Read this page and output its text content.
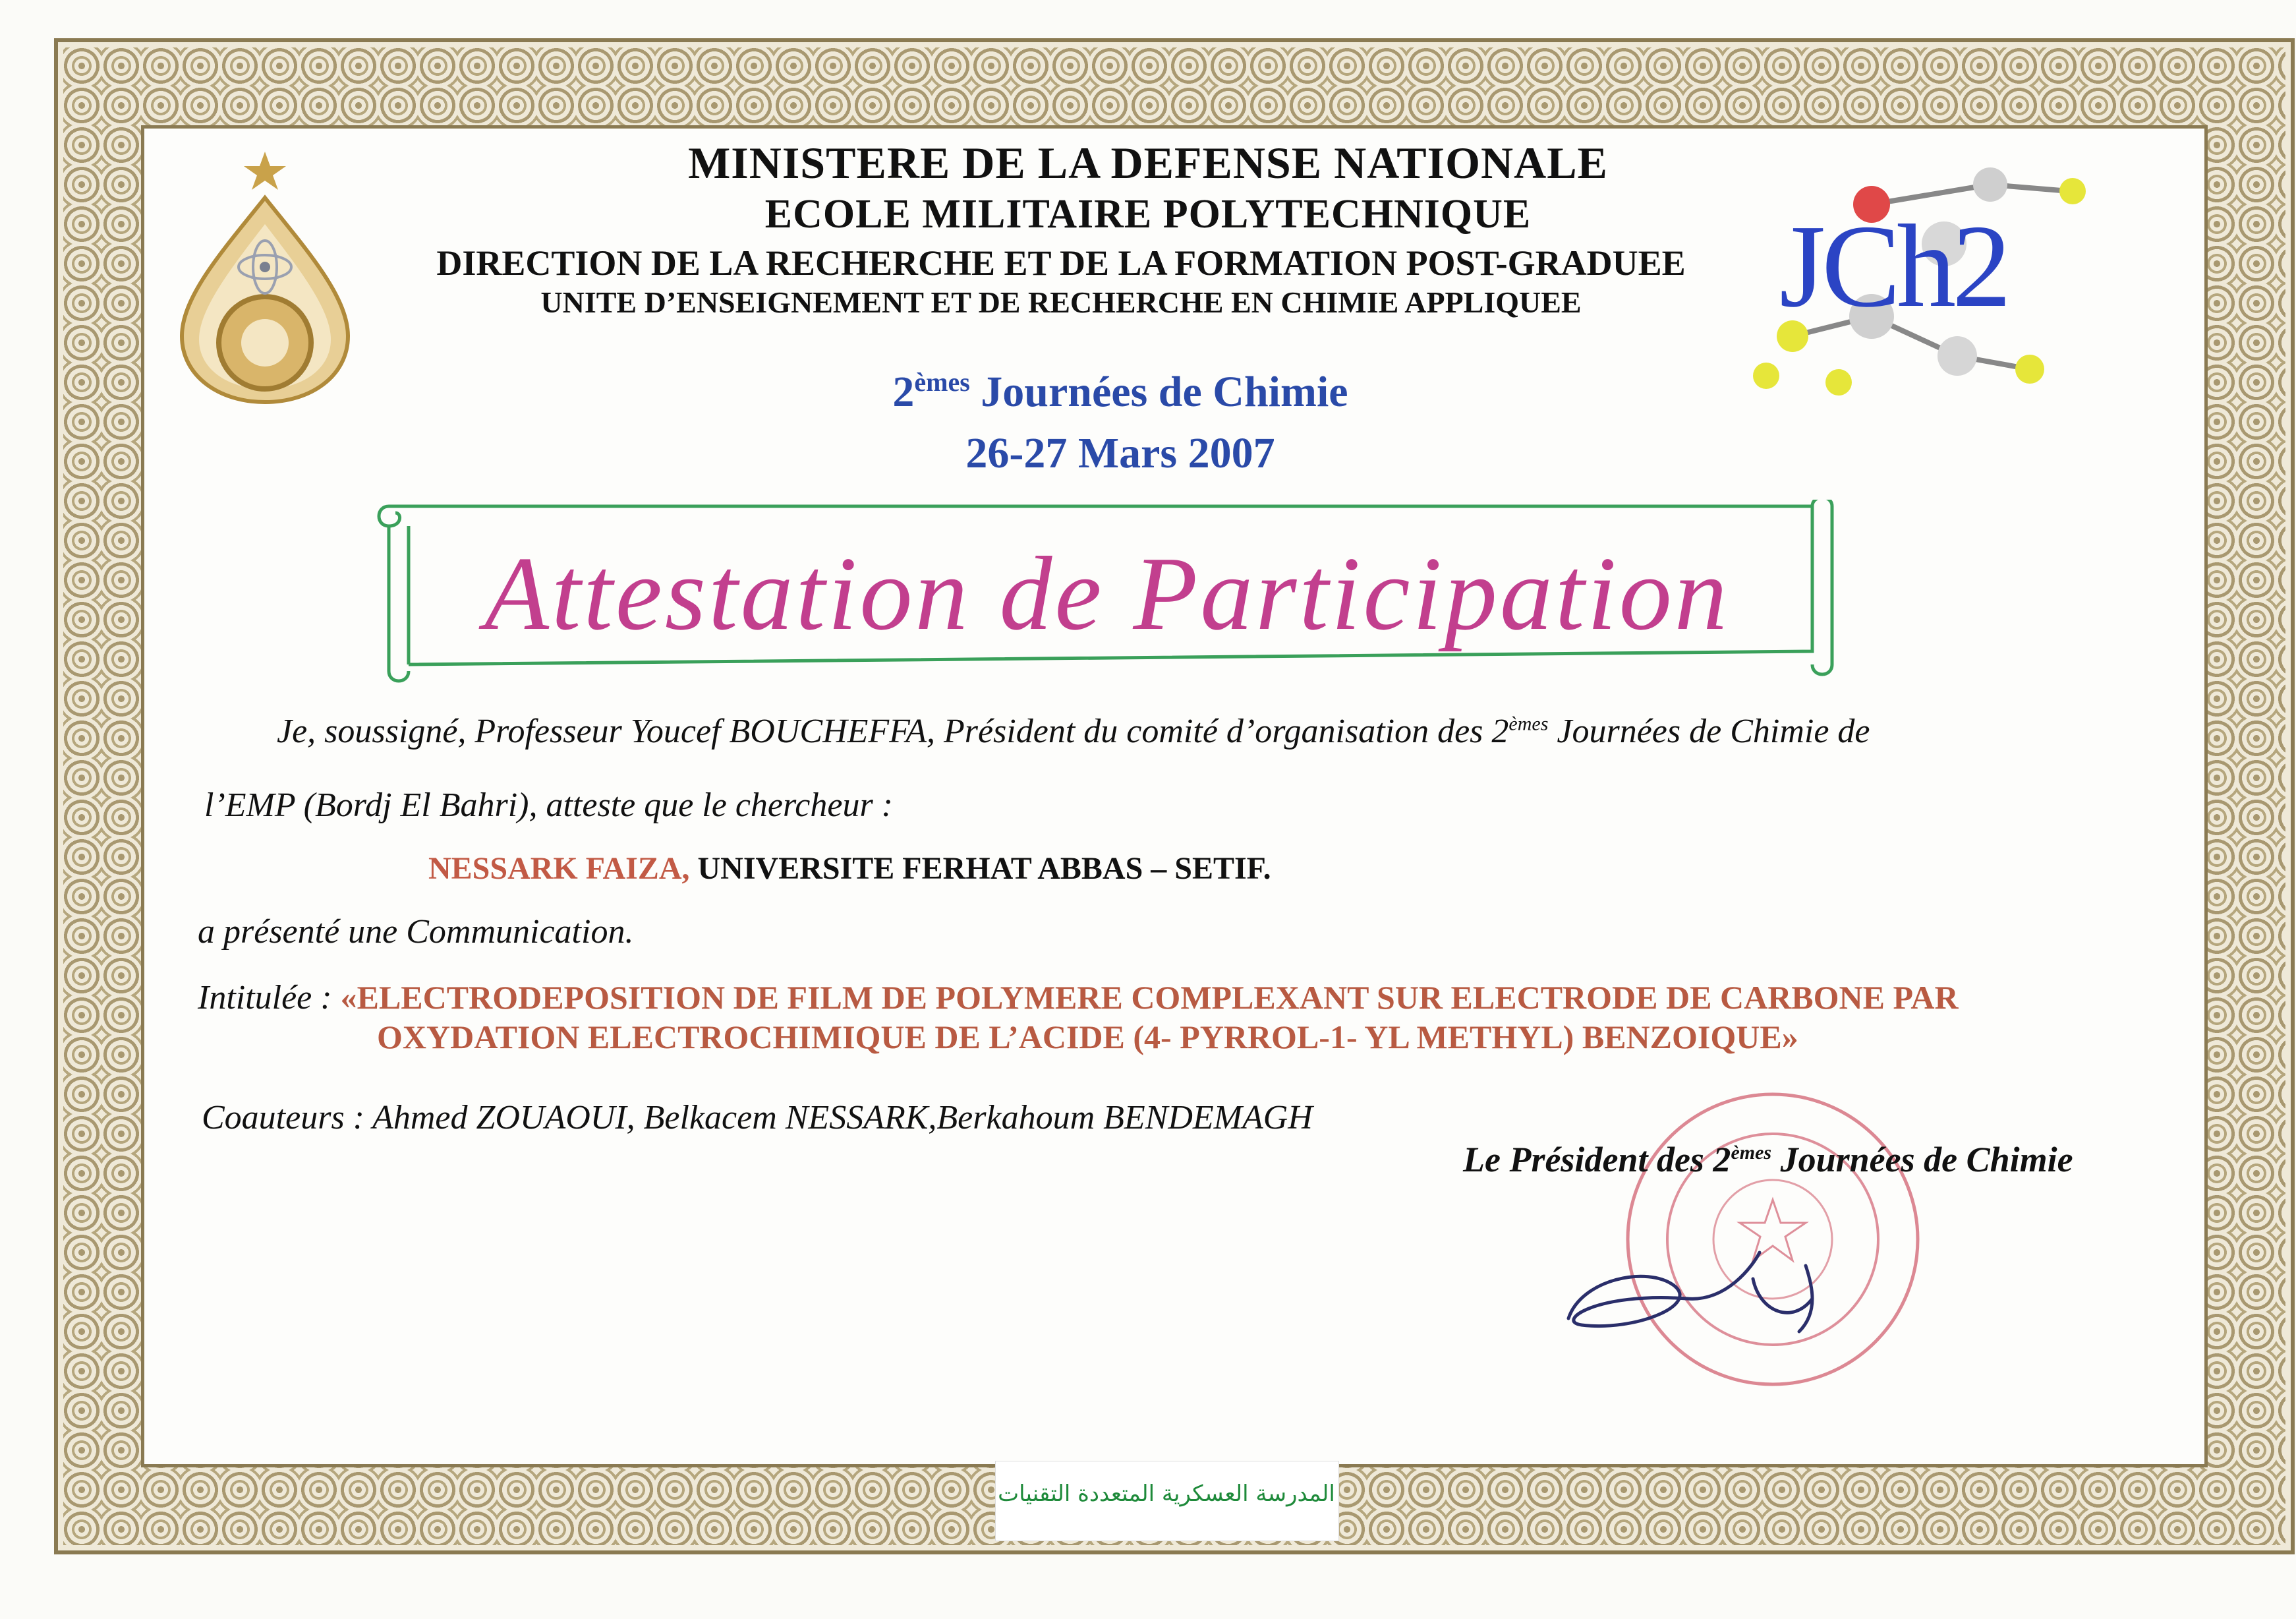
MINISTERE DE LA DEFENSE NATIONALE
ECOLE MILITAIRE POLYTECHNIQUE
DIRECTION DE LA RECHERCHE ET DE LA FORMATION POST-GRADUEE
UNITE D’ENSEIGNEMENT ET DE RECHERCHE EN CHIMIE APPLIQUEE	JCh2
2èmes Journées de Chimie
26-27 Mars 2007
Attestation de Participation
Je, soussigné, Professeur Youcef BOUCHEFFA, Président du comité d’organisation des 2èmes Journées de Chimie de
l’EMP (Bordj El Bahri), atteste que le chercheur :
NESSARK FAIZA, UNIVERSITE FERHAT ABBAS – SETIF.
a présenté une Communication.
Intitulée : «ELECTRODEPOSITION DE FILM DE POLYMERE COMPLEXANT SUR ELECTRODE DE CARBONE PAR
OXYDATION ELECTROCHIMIQUE DE L’ACIDE (4- PYRROL-1- YL METHYL) BENZOIQUE»
Coauteurs : Ahmed ZOUAOUI, Belkacem NESSARK,Berkahoum BENDEMAGH
Le Président des 2èmes Journées de Chimie
المدرسة العسكرية المتعددة التقنيات
